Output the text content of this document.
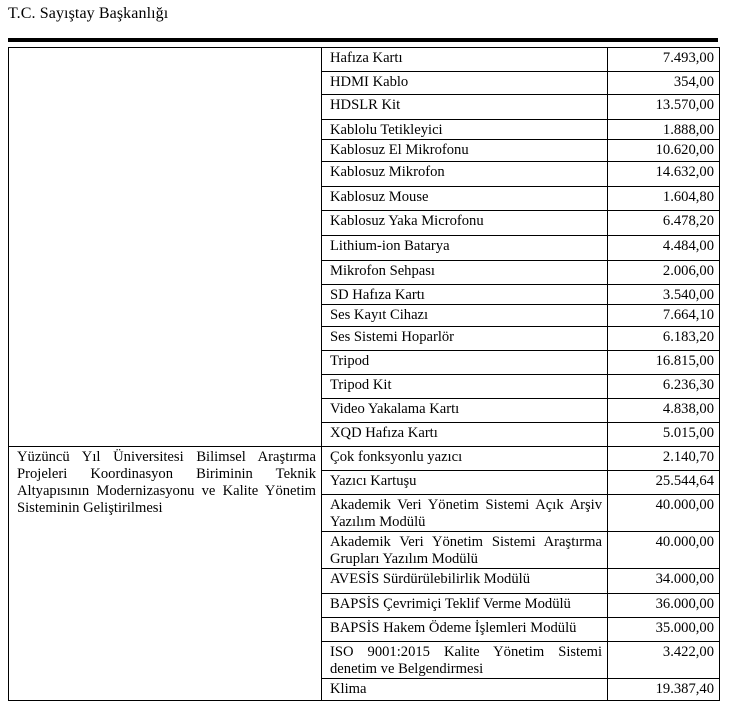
T.C. Sayıştay Başkanlığı
	Hafıza Kartı	7.493,00
	HDMI Kablo	354,00
	HDSLR Kit	13.570,00
	Kablolu Tetikleyici	1.888,00
	Kablosuz El Mikrofonu	10.620,00
	Kablosuz Mikrofon	14.632,00
	Kablosuz Mouse	1.604,80
	Kablosuz Yaka Microfonu	6.478,20
	Lithium-ion Batarya	4.484,00
	Mikrofon Sehpası	2.006,00
	SD Hafıza Kartı	3.540,00
	Ses Kayıt Cihazı	7.664,10
	Ses Sistemi Hoparlör	6.183,20
	Tripod	16.815,00
	Tripod Kit	6.236,30
	Video Yakalama Kartı	4.838,00
	XQD Hafıza Kartı	5.015,00
Yüzüncü Yıl Üniversitesi Bilimsel Araştırma Projeleri Koordinasyon Biriminin Teknik Altyapısının Modernizasyonu ve Kalite Yönetim Sisteminin Geliştirilmesi	Çok fonksyonlu yazıcı	2.140,70
	Yazıcı Kartuşu	25.544,64
	Akademik Veri Yönetim Sistemi Açık Arşiv Yazılım Modülü	40.000,00
	Akademik Veri Yönetim Sistemi Araştırma Grupları Yazılım Modülü	40.000,00
	AVESİS Sürdürülebilirlik Modülü	34.000,00
	BAPSİS Çevrimiçi Teklif Verme Modülü	36.000,00
	BAPSİS Hakem Ödeme İşlemleri Modülü	35.000,00
	ISO 9001:2015 Kalite Yönetim Sistemi denetim ve Belgendirmesi	3.422,00
	Klima	19.387,40
